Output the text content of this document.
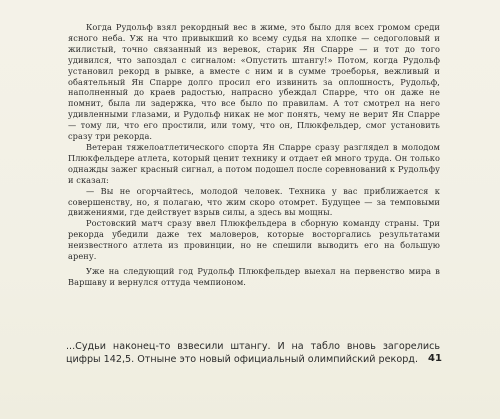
Когда Рудольф взял рекордный вес в жиме, это было для всех громом среди ясного неба. Уж на что привыкший ко всему судья на хлопке — седоголовый и жилистый, точно связанный из веревок, старик Ян Спарре — и тот до того удивился, что запоздал с сигналом: «Опустить штангу!» Потом, когда Рудольф установил рекорд в рывке, а вместе с ним и в сумме троеборья, вежливый и обаятельный Ян Спарре долго просил его извинить за оплошность, Рудольф, наполненный до краев радостью, напрасно убеждал Спарре, что он даже не помнит, была ли задержка, что все было по правилам. А тот смотрел на него удивленными глазами, и Рудольф никак не мог понять, чему не верит Ян Спарре — тому ли, что его простили, или тому, что он, Плюкфельдер, смог установить сразу три рекорда.

Ветеран тяжелоатлетического спорта Ян Спарре сразу разглядел в молодом Плюкфельдере атлета, который ценит технику и отдает ей много труда. Он только однажды зажег красный сигнал, а потом подошел после соревнований к Рудольфу и сказал:

— Вы не огорчайтесь, молодой человек. Техника у вас приближается к совершенству, но, я полагаю, что жим скоро отомрет. Будущее — за темповыми движениями, где действует взрыв силы, а здесь вы мощны.

Ростовский матч сразу ввел Плюкфельдера в сборную команду страны. Три рекорда убедили даже тех маловеров, которые восторгались результатами неизвестного атлета из провинции, но не спешили выводить его на большую арену.

Уже на следующий год Рудольф Плюкфельдер выехал на первенство мира в Варшаву и вернулся оттуда чемпионом.

...Судьи наконец-то взвесили штангу. И на табло вновь загорелись цифры 142,5. Отныне это новый официальный олимпийский рекорд.	41
